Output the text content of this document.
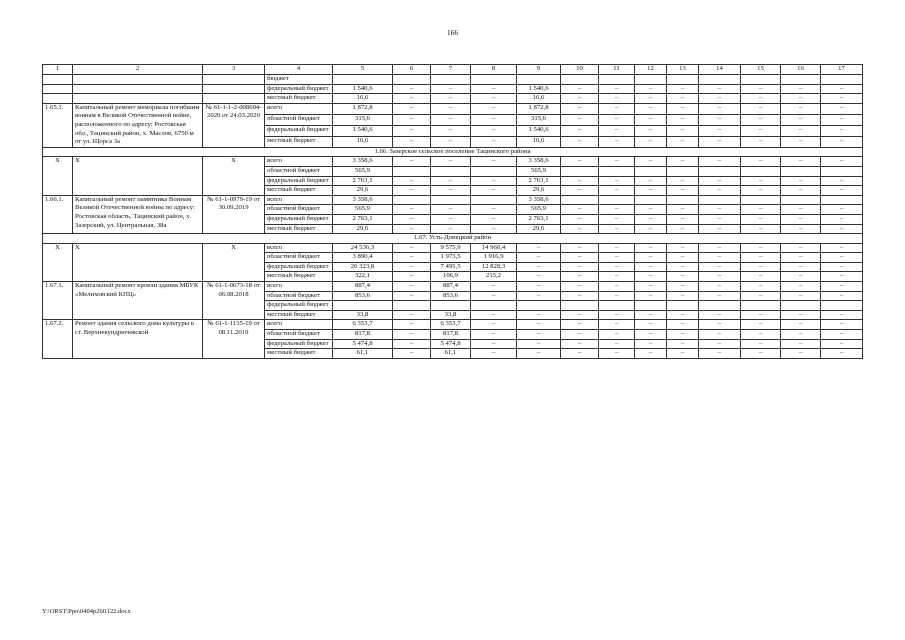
166
1	2	3	4	5	6	7	8	9	10	11	12	13	14	15	16	17
			бюджет													
			федеральный бюджет	1 540,6	–	–	–	1 540,6	–	–	–	–	–	–	–	–
			местный бюджет	16,6	–	–	–	16,6	–	–	–	–	–	–	–	–
1.65.1.	Капитальный ремонт мемориала погибшим воинам в Великой Отечественной войне, расположенного по адресу: Ростовская обл., Тацинский район, х. Маслов, 6750 м от ул. Щорса 3а	№ 61-1-1-2-008604-2020 от 24.03.2020	всего	1 872,8	–	–	–	1 872,8	–	–	–	–	–	–	–	–
			областной бюджет	315,6	–	–	–	315,6	–	–	–	–	–	–	–	–
			федеральный бюджет	1 540,6	–	–	–	1 540,6	–	–	–	–	–	–	–	–
			местный бюджет	16,6	–	–	–	16,6	–	–	–	–	–	–	–	–
1.66. Зазерское сельское поселение Тацинского района																
Х	Х	Х	всего	3 358,6	–	–	–	3 358,6	–	–	–	–	–	–	–	–
			областной бюджет	565,9				565,9								
			федеральный бюджет	2 763,1	–	–	–	2 763,1	–	–	–	–	–	–	–	–
			местный бюджет	29,6	–	–	–	29,6	–	–	–	–	–	–	–	–
1.66.1.	Капитальный ремонт памятника Воинам Великой Отечественной войны по адресу: Ростовская область, Тацинский район, х. Зазерский, ул. Центральная, 38а	№ 61-1-0979-19 от 30.09.2019	всего	3 358,6				3 358,6								
			областной бюджет	565,9	–	–	–	565,9	–	–	–	–	–	–	–	–
			федеральный бюджет	2 763,1	–	–	–	2 763,1	–	–	–	–	–	–	–	–
			местный бюджет	29,6	–	–	–	29,6	–	–	–	–	–	–	–	–
1.67. Усть-Донецкий район																
Х	Х	Х	всего	24 536,3	–	9 575,9	14 960,4	–	–	–	–	–	–	–	–	–
			областной бюджет	3 890,4	–	1 973,5	1 916,9	–	–	–	–	–	–	–	–	–
			федеральный бюджет	20 323,8	–	7 495,5	12 828,3	–	–	–	–	–	–	–	–	–
			местный бюджет	322,1	–	106,9	215,2	–	–	–	–	–	–	–	–	–
1.67.1.	Капитальный ремонт кровли здания МБУК «Мелиховский КПЦ»	№ 61-1-0673-18 от 06.08.2018	всего	887,4	–	887,4	–	–	–	–	–	–	–	–	–	–
			областной бюджет	853,6	–	853,6	–	–	–	–	–	–	–	–	–	–
			федеральный бюджет													
			местный бюджет	33,8	–	33,8	–	–	–	–	–	–	–	–	–	–
1.67.2.	Ремонт здания сельского дома культуры в ст. Верхнекундрючевской	№ 61-1-1135-19 от 08.11.2019	всего	6 353,7	–	6 353,7	–	–	–	–	–	–	–	–	–	–
			областной бюджет	817,8	–	817,8	–	–	–	–	–	–	–	–	–	–
			федеральный бюджет	5 474,8	–	5 474,8	–	–	–	–	–	–	–	–	–	–
			местный бюджет	61,1	–	61,1	–	–	–	–	–	–	–	–	–	–
Y:\ORST\Ppo\0404p260.f22.docx
